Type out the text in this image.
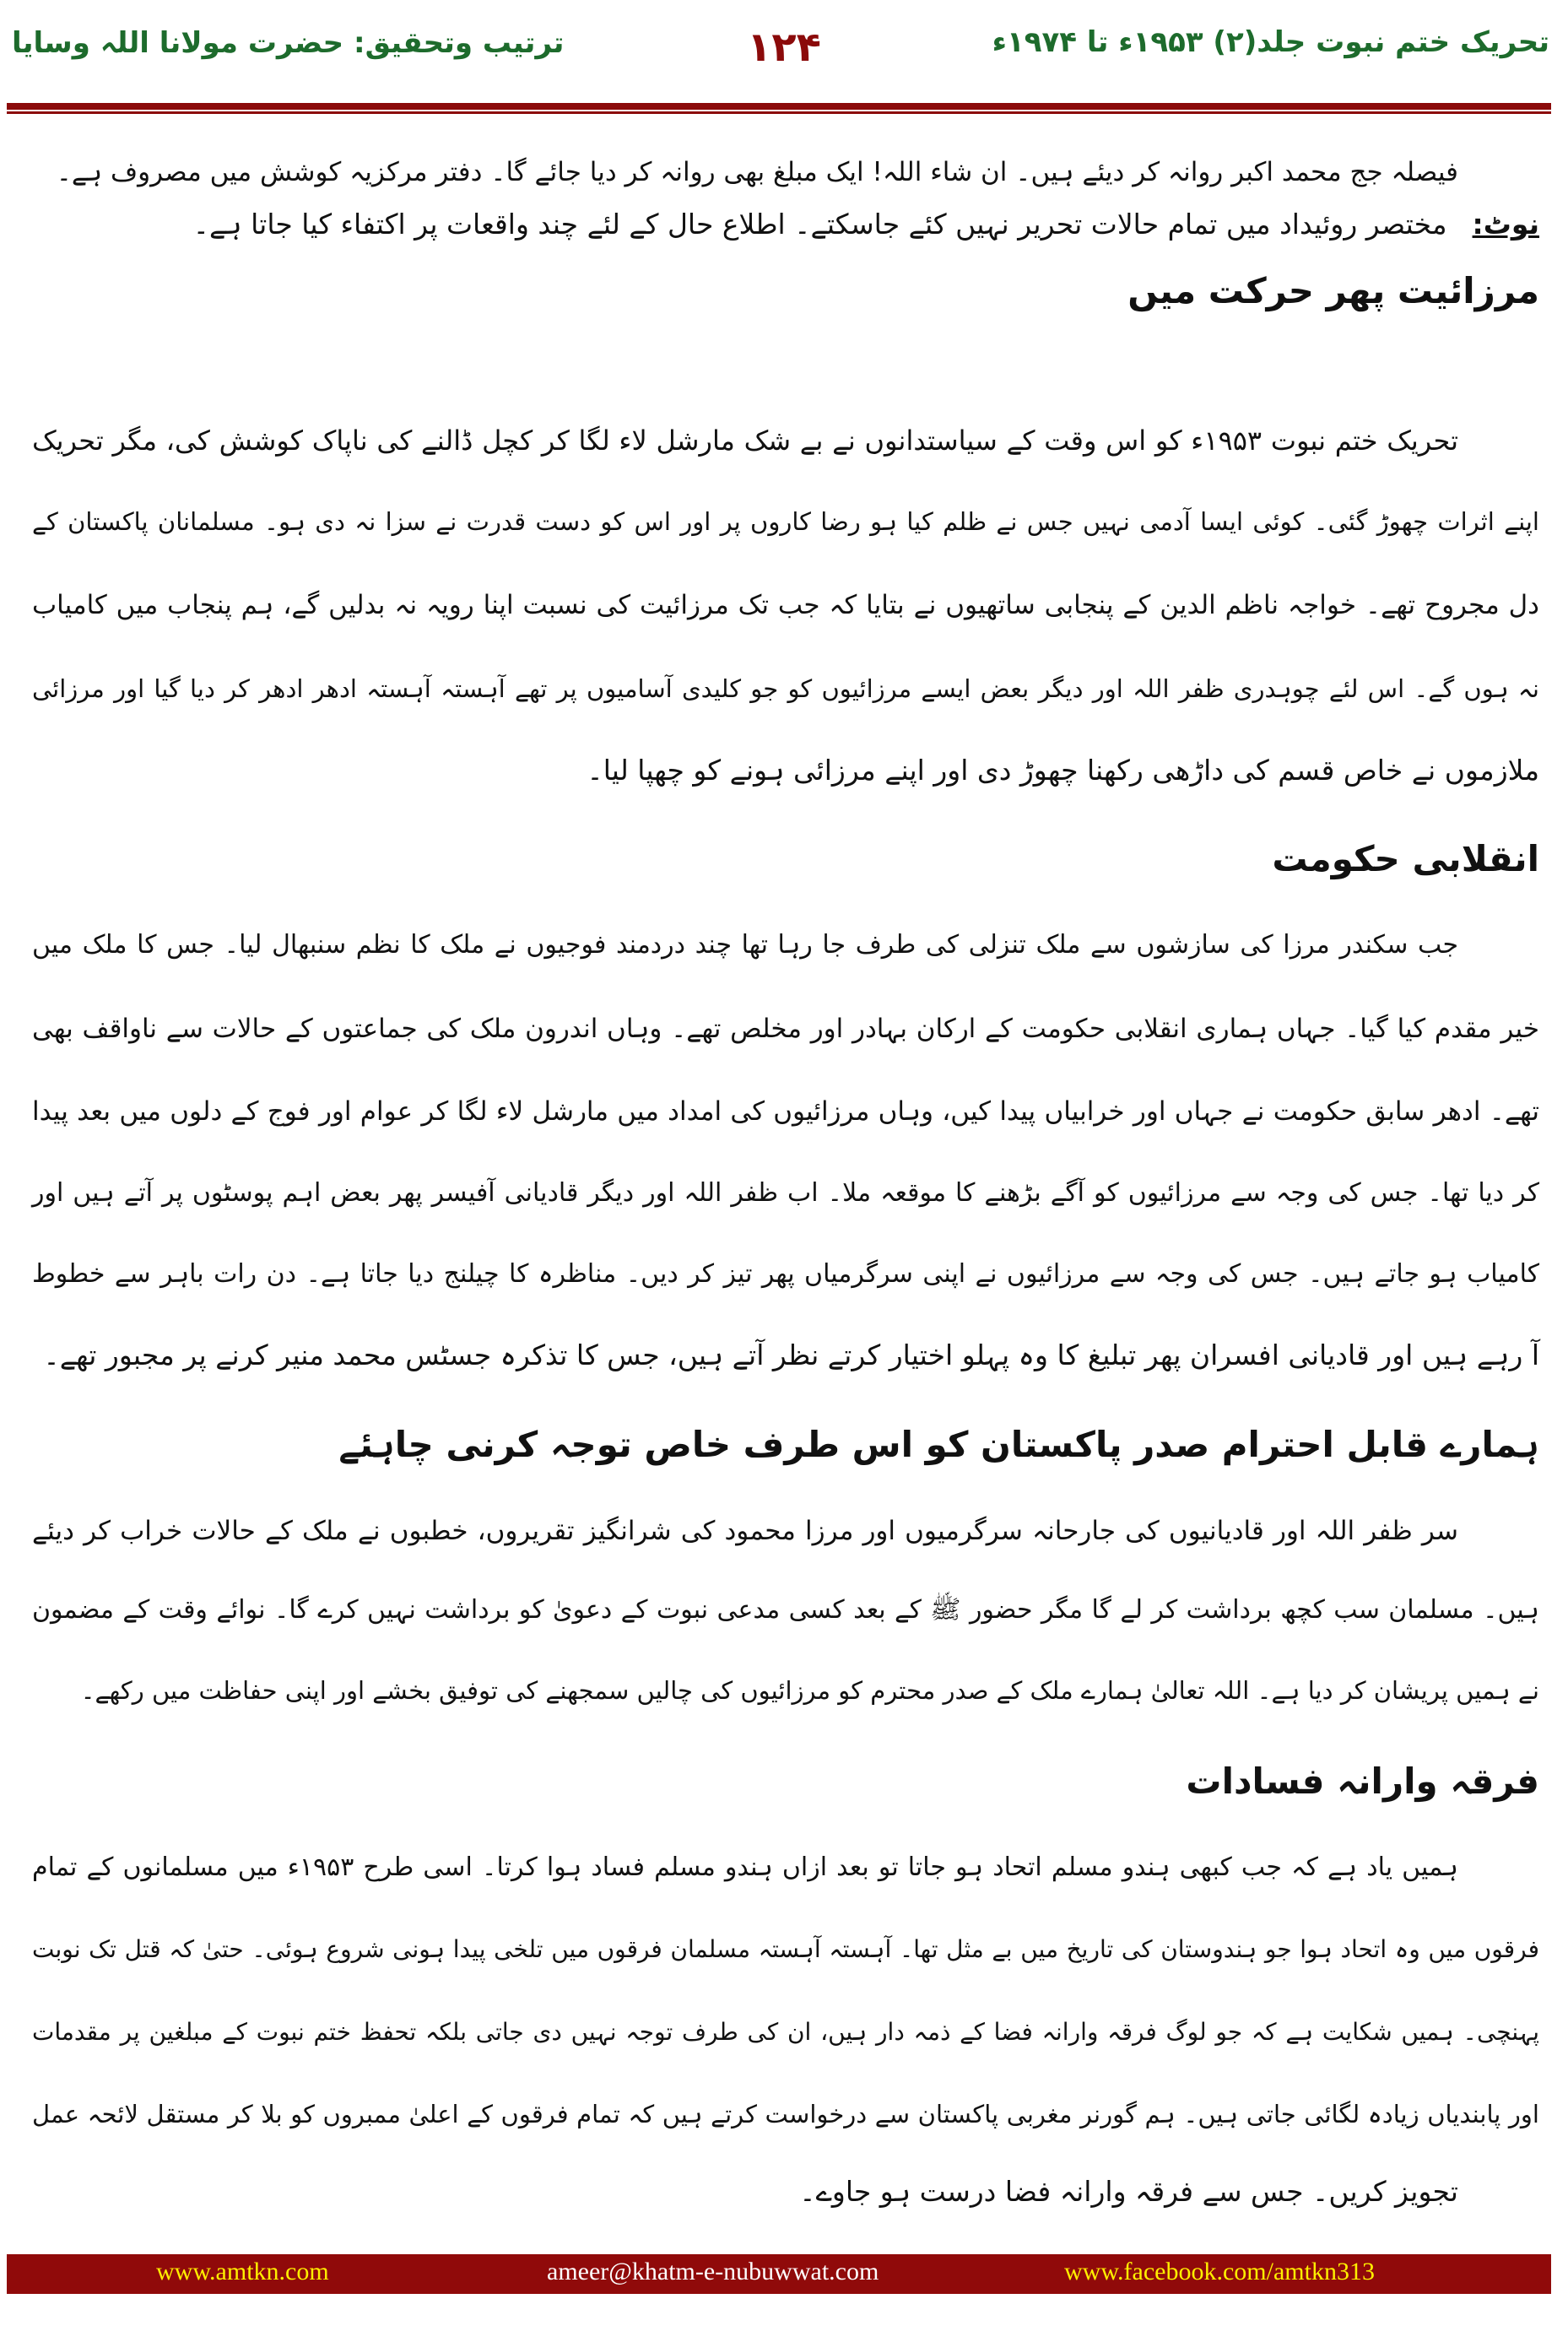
تحریک ختم نبوت جلد(۲) ۱۹۵۳ء تا ۱۹۷۴ء
۱۲۴
ترتیب وتحقیق: حضرت مولانا اللہ وسایا
فیصلہ جج محمد اکبر روانہ کر دیئے ہیں۔ ان شاء اللہ! ایک مبلغ بھی روانہ کر دیا جائے گا۔ دفتر مرکزیہ کوشش میں مصروف ہے۔
نوٹ:مختصر روئیداد میں تمام حالات تحریر نہیں کئے جاسکتے۔ اطلاع حال کے لئے چند واقعات پر اکتفاء کیا جاتا ہے۔
مرزائیت پھر حرکت میں
تحریک ختم نبوت ۱۹۵۳ء کو اس وقت کے سیاستدانوں نے بے شک مارشل لاء لگا کر کچل ڈالنے کی ناپاک کوشش کی، مگر تحریک
اپنے اثرات چھوڑ گئی۔ کوئی ایسا آدمی نہیں جس نے ظلم کیا ہو رضا کاروں پر اور اس کو دست قدرت نے سزا نہ دی ہو۔ مسلمانان پاکستان کے
دل مجروح تھے۔ خواجہ ناظم الدین کے پنجابی ساتھیوں نے بتایا کہ جب تک مرزائیت کی نسبت اپنا رویہ نہ بدلیں گے، ہم پنجاب میں کامیاب
نہ ہوں گے۔ اس لئے چوہدری ظفر اللہ اور دیگر بعض ایسے مرزائیوں کو جو کلیدی آسامیوں پر تھے آہستہ آہستہ ادھر ادھر کر دیا گیا اور مرزائی
ملازموں نے خاص قسم کی داڑھی رکھنا چھوڑ دی اور اپنے مرزائی ہونے کو چھپا لیا۔
انقلابی حکومت
جب سکندر مرزا کی سازشوں سے ملک تنزلی کی طرف جا رہا تھا چند دردمند فوجیوں نے ملک کا نظم سنبھال لیا۔ جس کا ملک میں
خیر مقدم کیا گیا۔ جہاں ہماری انقلابی حکومت کے ارکان بہادر اور مخلص تھے۔ وہاں اندرون ملک کی جماعتوں کے حالات سے ناواقف بھی
تھے۔ ادھر سابق حکومت نے جہاں اور خرابیاں پیدا کیں، وہاں مرزائیوں کی امداد میں مارشل لاء لگا کر عوام اور فوج کے دلوں میں بعد پیدا
کر دیا تھا۔ جس کی وجہ سے مرزائیوں کو آگے بڑھنے کا موقعہ ملا۔ اب ظفر اللہ اور دیگر قادیانی آفیسر پھر بعض اہم پوسٹوں پر آتے ہیں اور
کامیاب ہو جاتے ہیں۔ جس کی وجہ سے مرزائیوں نے اپنی سرگرمیاں پھر تیز کر دیں۔ مناظرہ کا چیلنج دیا جاتا ہے۔ دن رات باہر سے خطوط
آ رہے ہیں اور قادیانی افسران پھر تبلیغ کا وہ پہلو اختیار کرتے نظر آتے ہیں، جس کا تذکرہ جسٹس محمد منیر کرنے پر مجبور تھے۔
ہمارے قابل احترام صدر پاکستان کو اس طرف خاص توجہ کرنی چاہئے
سر ظفر اللہ اور قادیانیوں کی جارحانہ سرگرمیوں اور مرزا محمود کی شرانگیز تقریروں، خطبوں نے ملک کے حالات خراب کر دیئے
ہیں۔ مسلمان سب کچھ برداشت کر لے گا مگر حضور ﷺ کے بعد کسی مدعی نبوت کے دعویٰ کو برداشت نہیں کرے گا۔ نوائے وقت کے مضمون
نے ہمیں پریشان کر دیا ہے۔ اللہ تعالیٰ ہمارے ملک کے صدر محترم کو مرزائیوں کی چالیں سمجھنے کی توفیق بخشے اور اپنی حفاظت میں رکھے۔
فرقہ وارانہ فسادات
ہمیں یاد ہے کہ جب کبھی ہندو مسلم اتحاد ہو جاتا تو بعد ازاں ہندو مسلم فساد ہوا کرتا۔ اسی طرح ۱۹۵۳ء میں مسلمانوں کے تمام
فرقوں میں وہ اتحاد ہوا جو ہندوستان کی تاریخ میں بے مثل تھا۔ آہستہ آہستہ مسلمان فرقوں میں تلخی پیدا ہونی شروع ہوئی۔ حتیٰ کہ قتل تک نوبت
پہنچی۔ ہمیں شکایت ہے کہ جو لوگ فرقہ وارانہ فضا کے ذمہ دار ہیں، ان کی طرف توجہ نہیں دی جاتی بلکہ تحفظ ختم نبوت کے مبلغین پر مقدمات
اور پابندیاں زیادہ لگائی جاتی ہیں۔ ہم گورنر مغربی پاکستان سے درخواست کرتے ہیں کہ تمام فرقوں کے اعلیٰ ممبروں کو بلا کر مستقل لائحہ عمل
تجویز کریں۔ جس سے فرقہ وارانہ فضا درست ہو جاوے۔
www.amtkn.com	ameer@khatm-e-nubuwwat.com	www.facebook.com/amtkn313
